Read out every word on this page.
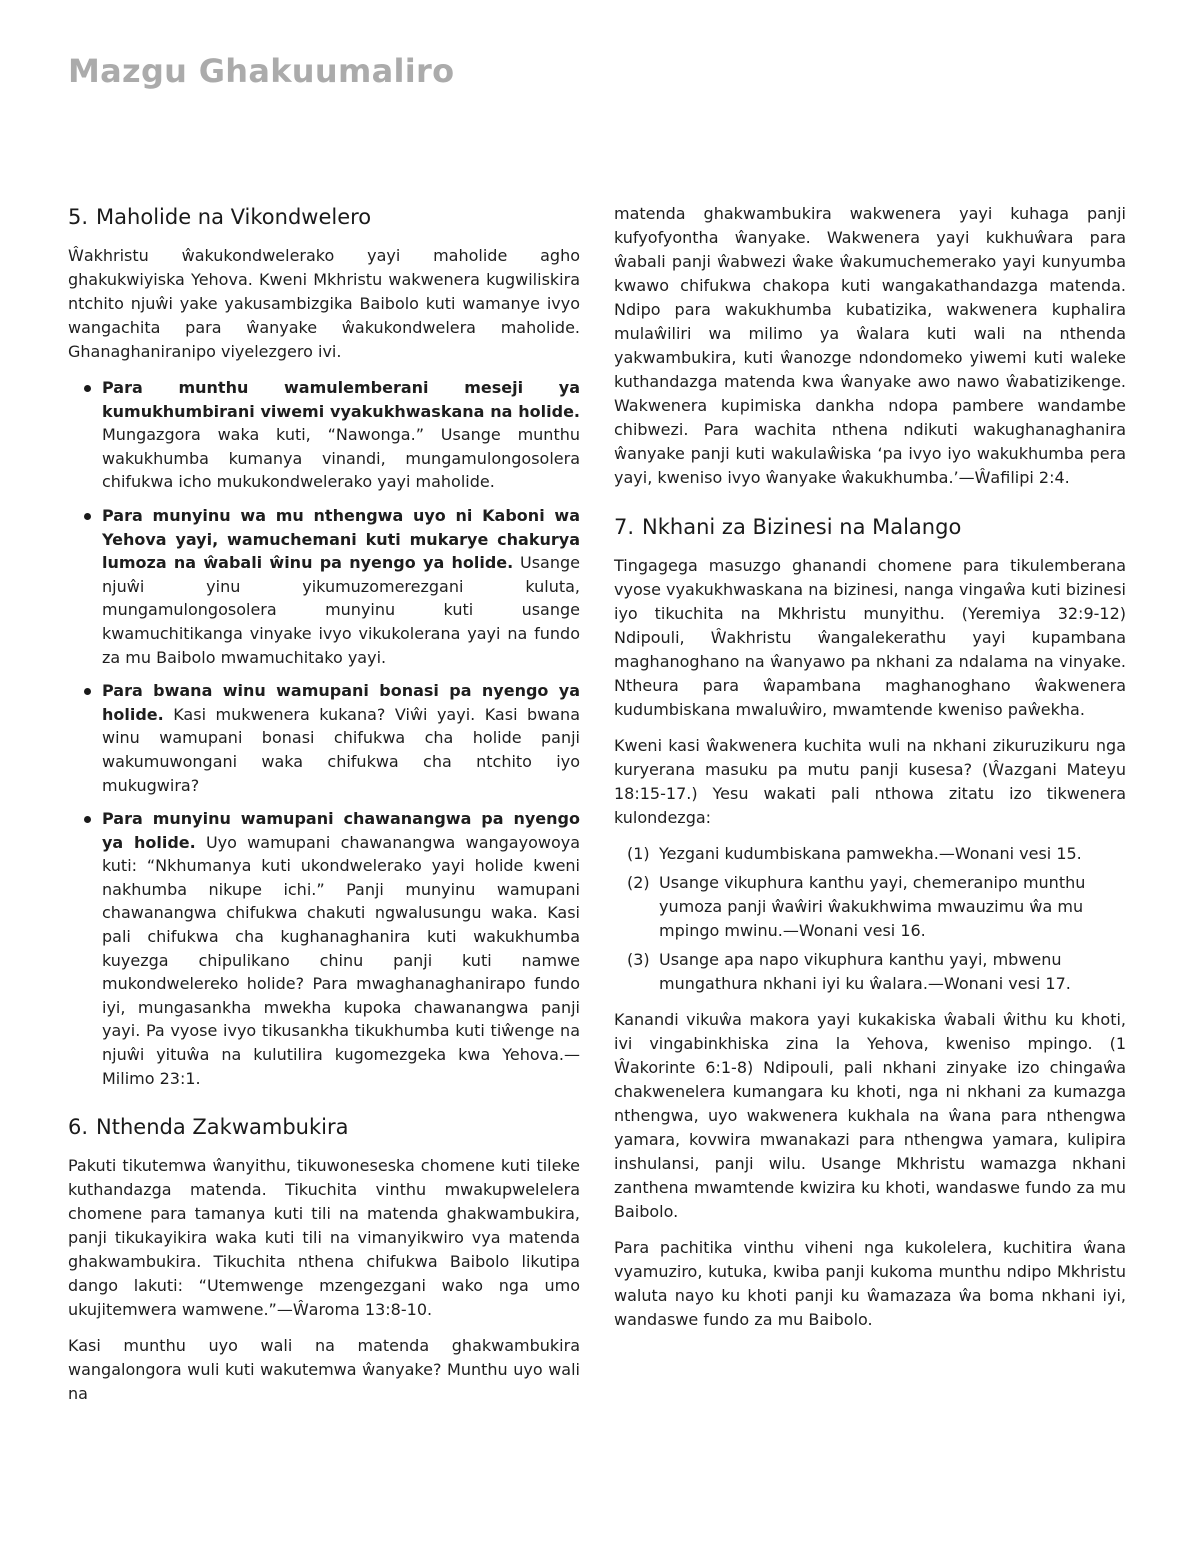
Mazgu Ghakuumaliro
5. Maholide na Vikondwelero

Ŵakhristu ŵakukondwelerako yayi maholide agho ghakukwiyiska Yehova. Kweni Mkhristu wakwenera kugwiliskira ntchito njuŵi yake yakusambizgika Baibolo kuti wamanye ivyo wangachita para ŵanyake ŵakukondwelera maholide. Ghanaghaniranipo viyelezgero ivi.

Para munthu wamulemberani meseji ya kumukhumbirani viwemi vyakukhwaskana na holide. Mungazgora waka kuti, “Nawonga.” Usange munthu wakukhumba kumanya vinandi, mungamulongosolera chifukwa icho mukukondwelerako yayi maholide.
Para munyinu wa mu nthengwa uyo ni Kaboni wa Yehova yayi, wamuchemani kuti mukarye chakurya lumoza na ŵabali ŵinu pa nyengo ya holide. Usange njuŵi yinu yikumuzomerezgani kuluta, mungamulongosolera munyinu kuti usange kwamuchitikanga vinyake ivyo vikukolerana yayi na fundo za mu Baibolo mwamuchitako yayi.
Para bwana winu wamupani bonasi pa nyengo ya holide. Kasi mukwenera kukana? Viŵi yayi. Kasi bwana winu wamupani bonasi chifukwa cha holide panji wakumuwongani waka chifukwa cha ntchito iyo mukugwira?
Para munyinu wamupani chawanangwa pa nyengo ya holide. Uyo wamupani chawanangwa wangayowoya kuti: “Nkhumanya kuti ukondwelerako yayi holide kweni nakhumba nikupe ichi.” Panji munyinu wamupani chawanangwa chifukwa chakuti ngwalusungu waka. Kasi pali chifukwa cha kughanaghanira kuti wakukhumba kuyezga chipulikano chinu panji kuti namwe mukondwelereko holide? Para mwaghanaghanirapo fundo iyi, mungasankha mwekha kupoka chawanangwa panji yayi. Pa vyose ivyo tikusankha tikukhumba kuti tiŵenge na njuŵi yituŵa na kulutilira kugomezgeka kwa Yehova.—Milimo 23:1.
6. Nthenda Zakwambukira

Pakuti tikutemwa ŵanyithu, tikuwoneseska chomene kuti tileke kuthandazga matenda. Tikuchita vinthu mwakupwelelera chomene para tamanya kuti tili na matenda ghakwambukira, panji tikukayikira waka kuti tili na vimanyikwiro vya matenda ghakwambukira. Tikuchita nthena chifukwa Baibolo likutipa dango lakuti: “Utemwenge mzengezgani wako nga umo ukujitemwera wamwene.”—Ŵaroma 13:8-10.

Kasi munthu uyo wali na matenda ghakwambukira wangalongora wuli kuti wakutemwa ŵanyake? Munthu uyo wali na

matenda ghakwambukira wakwenera yayi kuhaga panji kufyofyontha ŵanyake. Wakwenera yayi kukhuŵara para ŵabali panji ŵabwezi ŵake ŵakumuchemerako yayi kunyumba kwawo chifukwa chakopa kuti wangakathandazga matenda. Ndipo para wakukhumba kubatizika, wakwenera kuphalira mulaŵiliri wa milimo ya ŵalara kuti wali na nthenda yakwambukira, kuti ŵanozge ndondomeko yiwemi kuti waleke kuthandazga matenda kwa ŵanyake awo nawo ŵabatizikenge. Wakwenera kupimiska dankha ndopa pambere wandambe chibwezi. Para wachita nthena ndikuti wakughanaghanira ŵanyake panji kuti wakulaŵiska ‘pa ivyo iyo wakukhumba pera yayi, kweniso ivyo ŵanyake ŵakukhumba.’—Ŵafilipi 2:4.

7. Nkhani za Bizinesi na Malango

Tingagega masuzgo ghanandi chomene para tikulemberana vyose vyakukhwaskana na bizinesi, nanga vingaŵa kuti bizinesi iyo tikuchita na Mkhristu munyithu. (Yeremiya 32:9-12) Ndipouli, Ŵakhristu ŵangalekerathu yayi kupambana maghanoghano na ŵanyawo pa nkhani za ndalama na vinyake. Ntheura para ŵapambana maghanoghano ŵakwenera kudumbiskana mwaluŵiro, mwamtende kweniso paŵekha.

Kweni kasi ŵakwenera kuchita wuli na nkhani zikuruzikuru nga kuryerana masuku pa mutu panji kusesa? (Ŵazgani Mateyu 18:15-17.) Yesu wakati pali nthowa zitatu izo tikwenera kulondezga:

(1) Yezgani kudumbiskana pamwekha.—Wonani vesi 15.
(2) Usange vikuphura kanthu yayi, chemeranipo munthu yumoza panji ŵaŵiri ŵakukhwima mwauzimu ŵa mu mpingo mwinu.—Wonani vesi 16.
(3) Usange apa napo vikuphura kanthu yayi, mbwenu mungathura nkhani iyi ku ŵalara.—Wonani vesi 17.

Kanandi vikuŵa makora yayi kukakiska ŵabali ŵithu ku khoti, ivi vingabinkhiska zina la Yehova, kweniso mpingo. (1 Ŵakorinte 6:1-8) Ndipouli, pali nkhani zinyake izo chingaŵa chakwenelera kumangara ku khoti, nga ni nkhani za kumazga nthengwa, uyo wakwenera kukhala na ŵana para nthengwa yamara, kovwira mwanakazi para nthengwa yamara, kulipira inshulansi, panji wilu. Usange Mkhristu wamazga nkhani zanthena mwamtende kwizira ku khoti, wandaswe fundo za mu Baibolo.

Para pachitika vinthu viheni nga kukolelera, kuchitira ŵana vyamuziro, kutuka, kwiba panji kukoma munthu ndipo Mkhristu waluta nayo ku khoti panji ku ŵamazaza ŵa boma nkhani iyi, wandaswe fundo za mu Baibolo.
